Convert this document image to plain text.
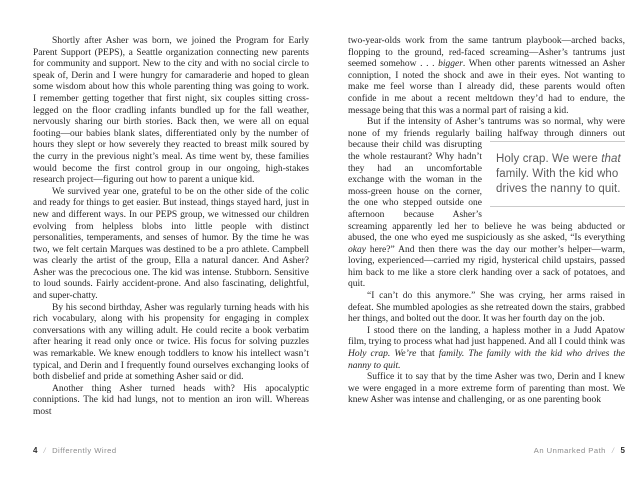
Shortly after Asher was born, we joined the Program for Early Parent Support (PEPS), a Seattle organization connecting new parents for community and support. New to the city and with no social circle to speak of, Derin and I were hungry for camaraderie and hoped to glean some wisdom about how this whole parenting thing was going to work. I remember getting together that first night, six couples sitting cross-legged on the floor cradling infants bundled up for the fall weather, nervously sharing our birth stories. Back then, we were all on equal footing—our babies blank slates, differentiated only by the number of hours they slept or how severely they reacted to breast milk soured by the curry in the previous night’s meal. As time went by, these families would become the first control group in our ongoing, high-stakes research project—figuring out how to parent a unique kid.

We survived year one, grateful to be on the other side of the colic and ready for things to get easier. But instead, things stayed hard, just in new and different ways. In our PEPS group, we witnessed our children evolving from helpless blobs into little people with distinct personalities, temperaments, and senses of humor. By the time he was two, we felt certain Marques was destined to be a pro athlete. Campbell was clearly the artist of the group, Ella a natural dancer. And Asher? Asher was the precocious one. The kid was intense. Stubborn. Sensitive to loud sounds. Fairly accident-prone. And also fascinating, delightful, and super-chatty.

By his second birthday, Asher was regularly turning heads with his rich vocabulary, along with his propensity for engaging in complex conversations with any willing adult. He could recite a book verbatim after hearing it read only once or twice. His focus for solving puzzles was remarkable. We knew enough toddlers to know his intellect wasn’t typical, and Derin and I frequently found ourselves exchanging looks of both disbelief and pride at something Asher said or did.

Another thing Asher turned heads with? His apocalyptic conniptions. The kid had lungs, not to mention an iron will. Whereas most

4 / Differently Wired

two-year-olds work from the same tantrum playbook—arched backs, flopping to the ground, red-faced screaming—Asher’s tantrums just seemed somehow . . . bigger. When other parents witnessed an Asher conniption, I noted the shock and awe in their eyes. Not wanting to make me feel worse than I already did, these parents would often confide in me about a recent meltdown they’d had to endure, the message being that this was a normal part of raising a kid.

Holy crap. We were that family. With the kid who drives the nanny to quit.
But if the intensity of Asher’s tantrums was so normal, why were none of my friends regularly bailing halfway through dinners out because their child was disrupting the whole restaurant? Why hadn’t they had an uncomfortable exchange with the woman in the moss-green house on the corner, the one who stepped outside one afternoon because Asher’s screaming apparently led her to believe he was being abducted or abused, the one who eyed me suspiciously as she asked, “Is everything okay here?” And then there was the day our mother’s helper—warm, loving, experienced—carried my rigid, hysterical child upstairs, passed him back to me like a store clerk handing over a sack of potatoes, and quit.

“I can’t do this anymore.” She was crying, her arms raised in defeat. She mumbled apologies as she retreated down the stairs, grabbed her things, and bolted out the door. It was her fourth day on the job.

I stood there on the landing, a hapless mother in a Judd Apatow film, trying to process what had just happened. And all I could think was Holy crap. We’re that family. The family with the kid who drives the nanny to quit.

Suffice it to say that by the time Asher was two, Derin and I knew we were engaged in a more extreme form of parenting than most. We knew Asher was intense and challenging, or as one parenting book

An Unmarked Path / 5
